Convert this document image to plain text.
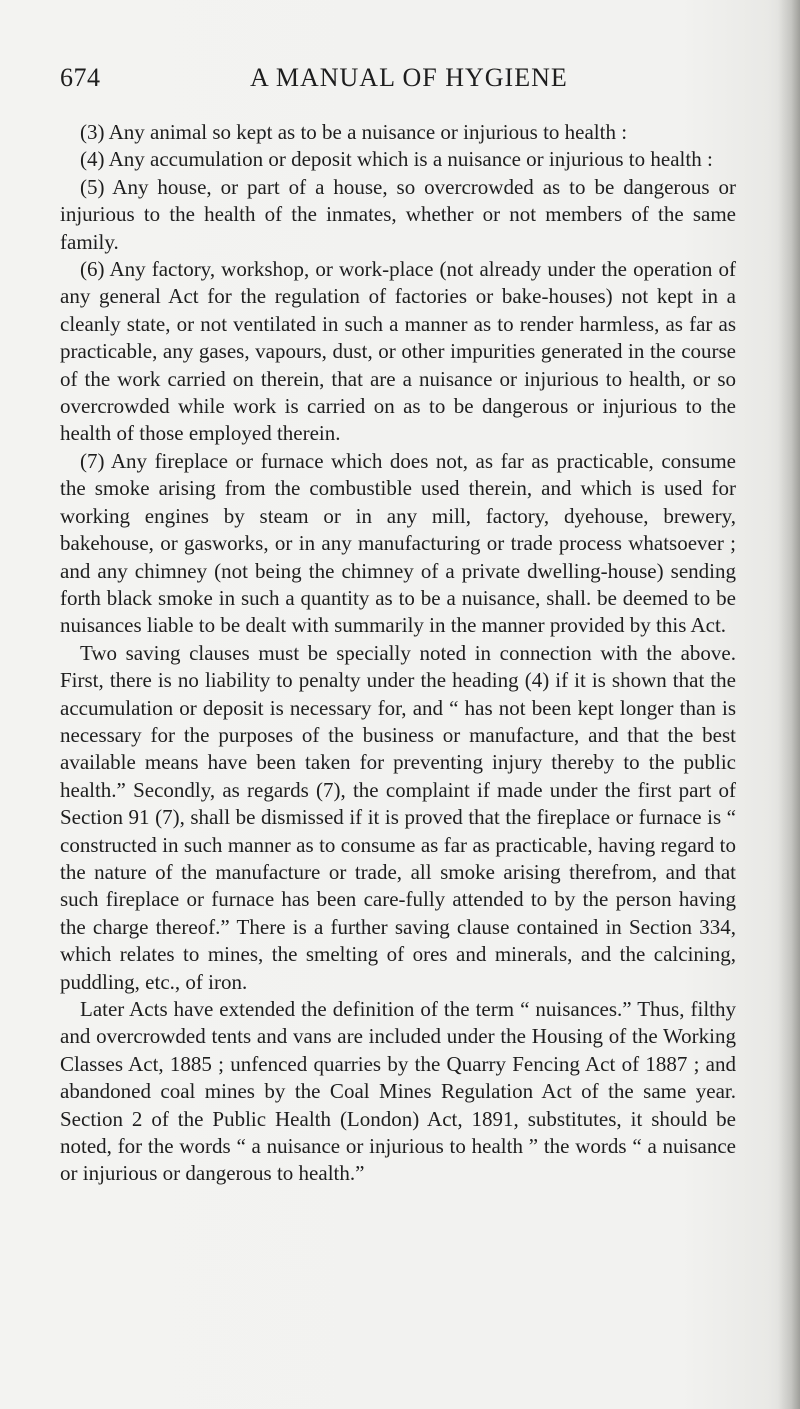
674	A MANUAL OF HYGIENE

(3) Any animal so kept as to be a nuisance or injurious to health :

(4) Any accumulation or deposit which is a nuisance or injurious to health :

(5) Any house, or part of a house, so overcrowded as to be dangerous or injurious to the health of the inmates, whether or not members of the same family.

(6) Any factory, workshop, or work-place (not already under the operation of any general Act for the regulation of factories or bake-houses) not kept in a cleanly state, or not ventilated in such a manner as to render harmless, as far as practicable, any gases, vapours, dust, or other impurities generated in the course of the work carried on therein, that are a nuisance or injurious to health, or so overcrowded while work is carried on as to be dangerous or injurious to the health of those employed therein.

(7) Any fireplace or furnace which does not, as far as practicable, consume the smoke arising from the combustible used therein, and which is used for working engines by steam or in any mill, factory, dyehouse, brewery, bakehouse, or gasworks, or in any manufacturing or trade process whatsoever ; and any chimney (not being the chimney of a private dwelling-house) sending forth black smoke in such a quantity as to be a nuisance, shall. be deemed to be nuisances liable to be dealt with summarily in the manner provided by this Act.

Two saving clauses must be specially noted in connection with the above. First, there is no liability to penalty under the heading (4) if it is shown that the accumulation or deposit is necessary for, and “ has not been kept longer than is necessary for the purposes of the business or manufacture, and that the best available means have been taken for preventing injury thereby to the public health.” Secondly, as regards (7), the complaint if made under the first part of Section 91 (7), shall be dismissed if it is proved that the fireplace or furnace is “ constructed in such manner as to consume as far as practicable, having regard to the nature of the manufacture or trade, all smoke arising therefrom, and that such fireplace or furnace has been care-fully attended to by the person having the charge thereof.” There is a further saving clause contained in Section 334, which relates to mines, the smelting of ores and minerals, and the calcining, puddling, etc., of iron.

Later Acts have extended the definition of the term “ nuisances.” Thus, filthy and overcrowded tents and vans are included under the Housing of the Working Classes Act, 1885 ; unfenced quarries by the Quarry Fencing Act of 1887 ; and abandoned coal mines by the Coal Mines Regulation Act of the same year. Section 2 of the Public Health (London) Act, 1891, substitutes, it should be noted, for the words “ a nuisance or injurious to health ” the words “ a nuisance or injurious or dangerous to health.”
